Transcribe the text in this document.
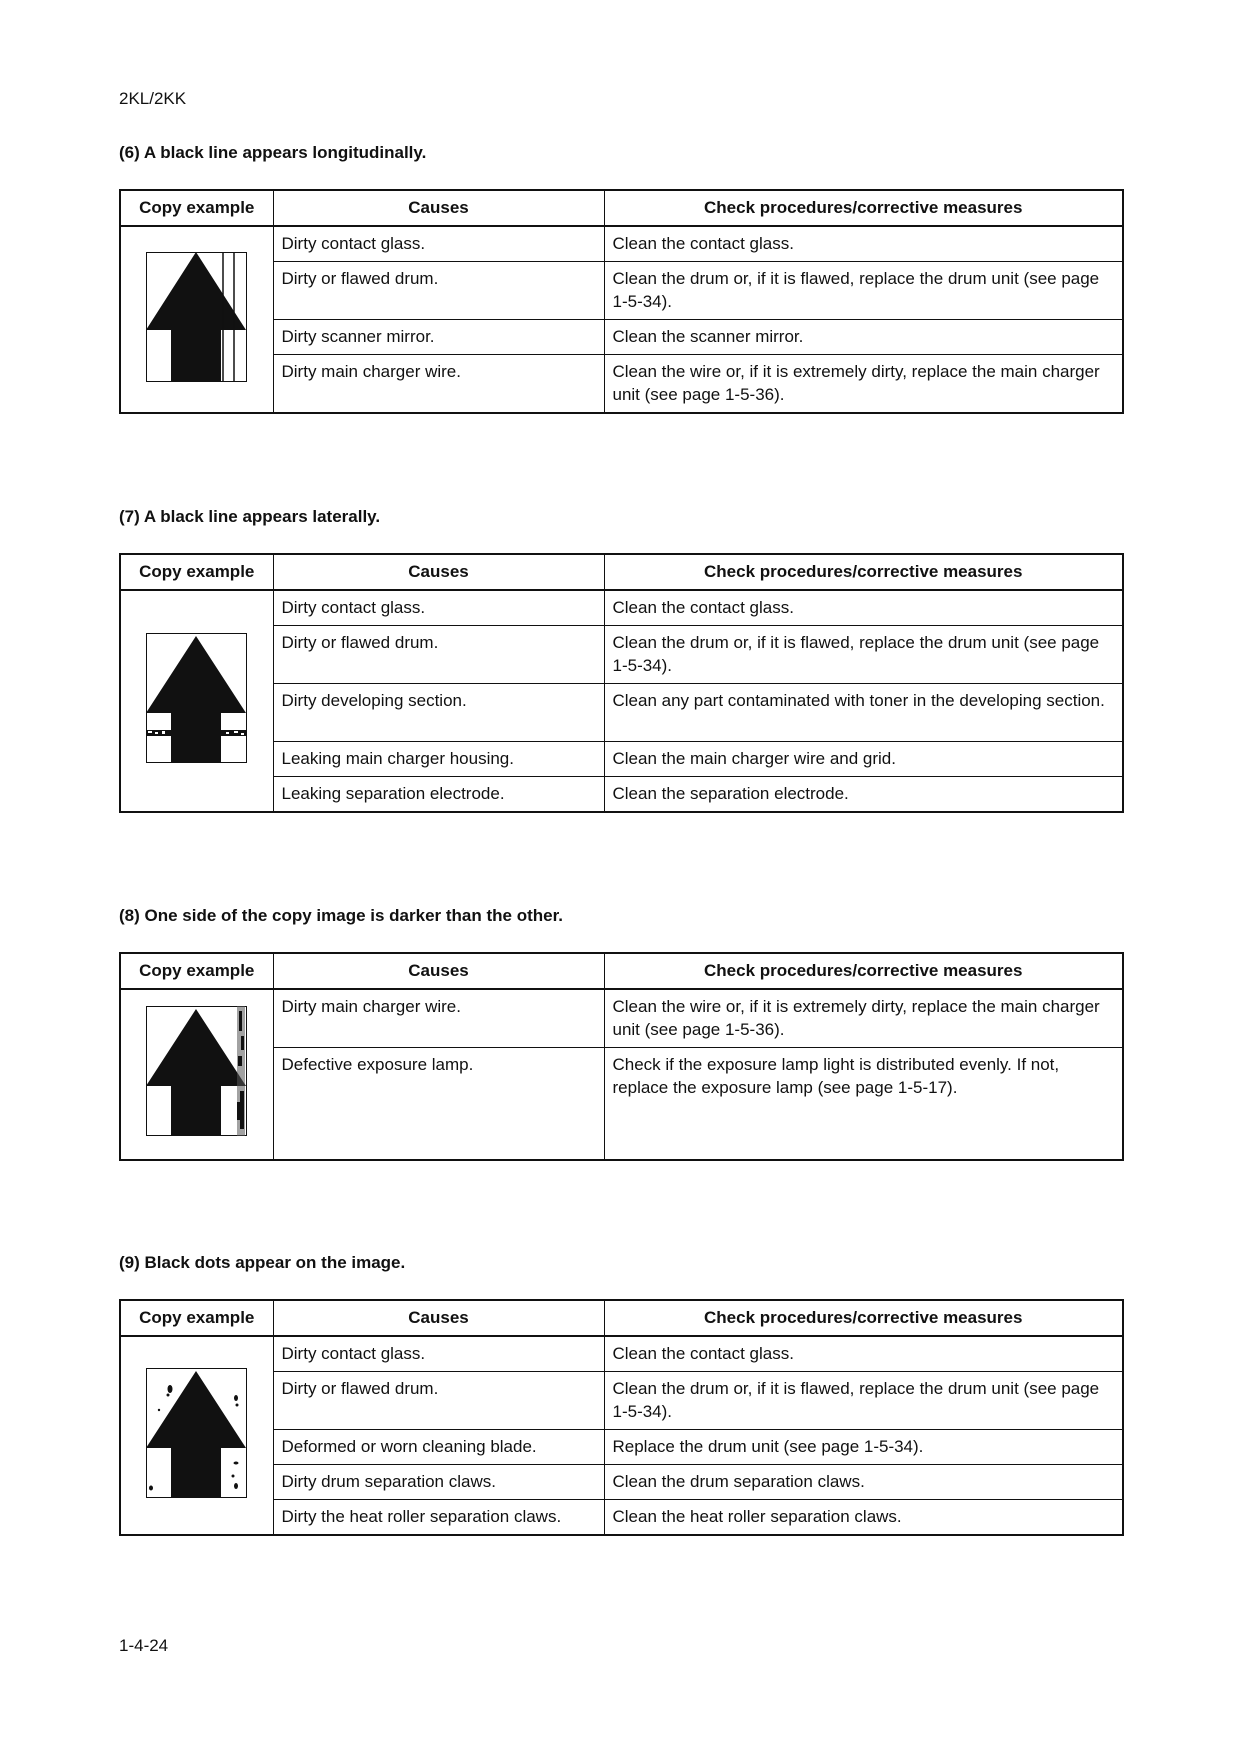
2KL/2KK
(6) A black line appears longitudinally.
Copy example	Causes	Check procedures/corrective measures
	Dirty contact glass.	Clean the contact glass.
	Dirty or flawed drum.	Clean the drum or, if it is flawed, replace the drum unit (see page 1-5-34).
	Dirty scanner mirror.	Clean the scanner mirror.
	Dirty main charger wire.	Clean the wire or, if it is extremely dirty, replace the main charger unit (see page 1-5-36).
(7) A black line appears laterally.
Copy example	Causes	Check procedures/corrective measures
	Dirty contact glass.	Clean the contact glass.
	Dirty or flawed drum.	Clean the drum or, if it is flawed, replace the drum unit (see page 1-5-34).
	Dirty developing section.	Clean any part contaminated with toner in the developing section.
	Leaking main charger housing.	Clean the main charger wire and grid.
	Leaking separation electrode.	Clean the separation electrode.
(8) One side of the copy image is darker than the other.
Copy example	Causes	Check procedures/corrective measures
	Dirty main charger wire.	Clean the wire or, if it is extremely dirty, replace the main charger unit (see page 1-5-36).
	Defective exposure lamp.	Check if the exposure lamp light is distributed evenly. If not, replace the exposure lamp (see page 1-5-17).
(9) Black dots appear on the image.
Copy example	Causes	Check procedures/corrective measures
	Dirty contact glass.	Clean the contact glass.
	Dirty or flawed drum.	Clean the drum or, if it is flawed, replace the drum unit (see page 1-5-34).
	Deformed or worn cleaning blade.	Replace the drum unit (see page 1-5-34).
	Dirty drum separation claws.	Clean the drum separation claws.
	Dirty the heat roller separation claws.	Clean the heat roller separation claws.
1-4-24
